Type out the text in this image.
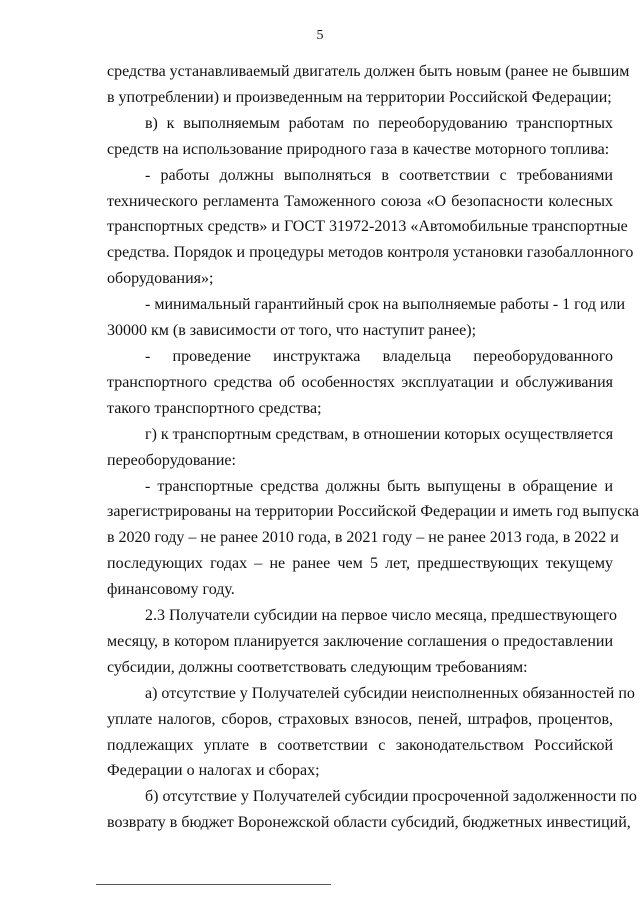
5
средства устанавливаемый двигатель должен быть новым (ранее не бывшим
в употреблении) и произведенным на территории Российской Федерации;
в) к выполняемым работам по переоборудованию транспортных
средств на использование природного газа в качестве моторного топлива:
- работы должны выполняться в соответствии с требованиями
технического регламента Таможенного союза «О безопасности колесных
транспортных средств» и ГОСТ 31972-2013 «Автомобильные транспортные
средства. Порядок и процедуры методов контроля установки газобаллонного
оборудования»;
- минимальный гарантийный срок на выполняемые работы - 1 год или
30000 км (в зависимости от того, что наступит ранее);
- проведение инструктажа владельца переоборудованного
транспортного средства об особенностях эксплуатации и обслуживания
такого транспортного средства;
г) к транспортным средствам, в отношении которых осуществляется
переоборудование:
- транспортные средства должны быть выпущены в обращение и
зарегистрированы на территории Российской Федерации и иметь год выпуска
в 2020 году – не ранее 2010 года, в 2021 году – не ранее 2013 года, в 2022 и
последующих годах – не ранее чем 5 лет, предшествующих текущему
финансовому году.
2.3 Получатели субсидии на первое число месяца, предшествующего
месяцу, в котором планируется заключение соглашения о предоставлении
субсидии, должны соответствовать следующим требованиям:
а) отсутствие у Получателей субсидии неисполненных обязанностей по
уплате налогов, сборов, страховых взносов, пеней, штрафов, процентов,
подлежащих уплате в соответствии с законодательством Российской
Федерации о налогах и сборах;
б) отсутствие у Получателей субсидии просроченной задолженности по
возврату в бюджет Воронежской области субсидий, бюджетных инвестиций,
